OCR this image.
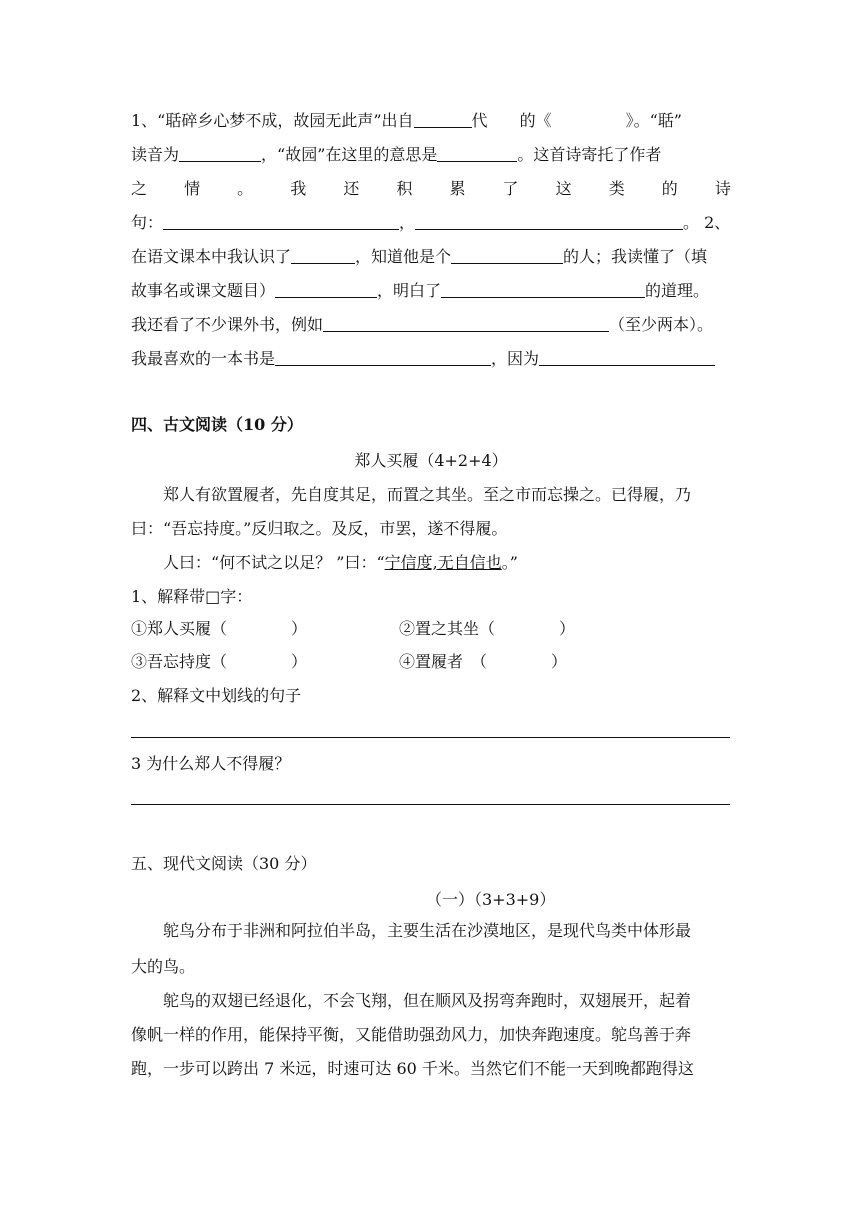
1、“聒碎乡心梦不成，故园无此声”出自	代 的《	》。“聒”
读音为	，“故园”在这里的意思是	。这首诗寄托了作者
之 情 。 我 还 积 累 了 这 类 的 诗
句：	，	。 2、
在语文课本中我认识了	，知道他是个	的人；我读懂了（填
故事名或课文题目）	，明白了	的道理。
我还看了不少课外书，例如	（至少两本）。
我最喜欢的一本书是	，因为
四、古文阅读（10 分）
郑人买履（4+2+4）
郑人有欲置履者，先自度其足，而置之其坐。至之市而忘操之。已得履，乃
曰：“吾忘持度。”反归取之。及反，市罢，遂不得履。
人曰：“何不试之以足？ ”曰：“宁信度,无自信也。”
1、解释带□字：
①郑人买履（	）	②置之其坐（	）
③吾忘持度（	）	④置履者　（	）
2、解释文中划线的句子
3 为什么郑人不得履？
五、现代文阅读（30 分）
（一）（3+3+9）
鸵鸟分布于非洲和阿拉伯半岛，主要生活在沙漠地区，是现代鸟类中体形最
大的鸟。
鸵鸟的双翅已经退化，不会飞翔，但在顺风及拐弯奔跑时，双翅展开，起着
像帆一样的作用，能保持平衡，又能借助强劲风力，加快奔跑速度。鸵鸟善于奔
跑，一步可以跨出 7 米远，时速可达 60 千米。当然它们不能一天到晚都跑得这
